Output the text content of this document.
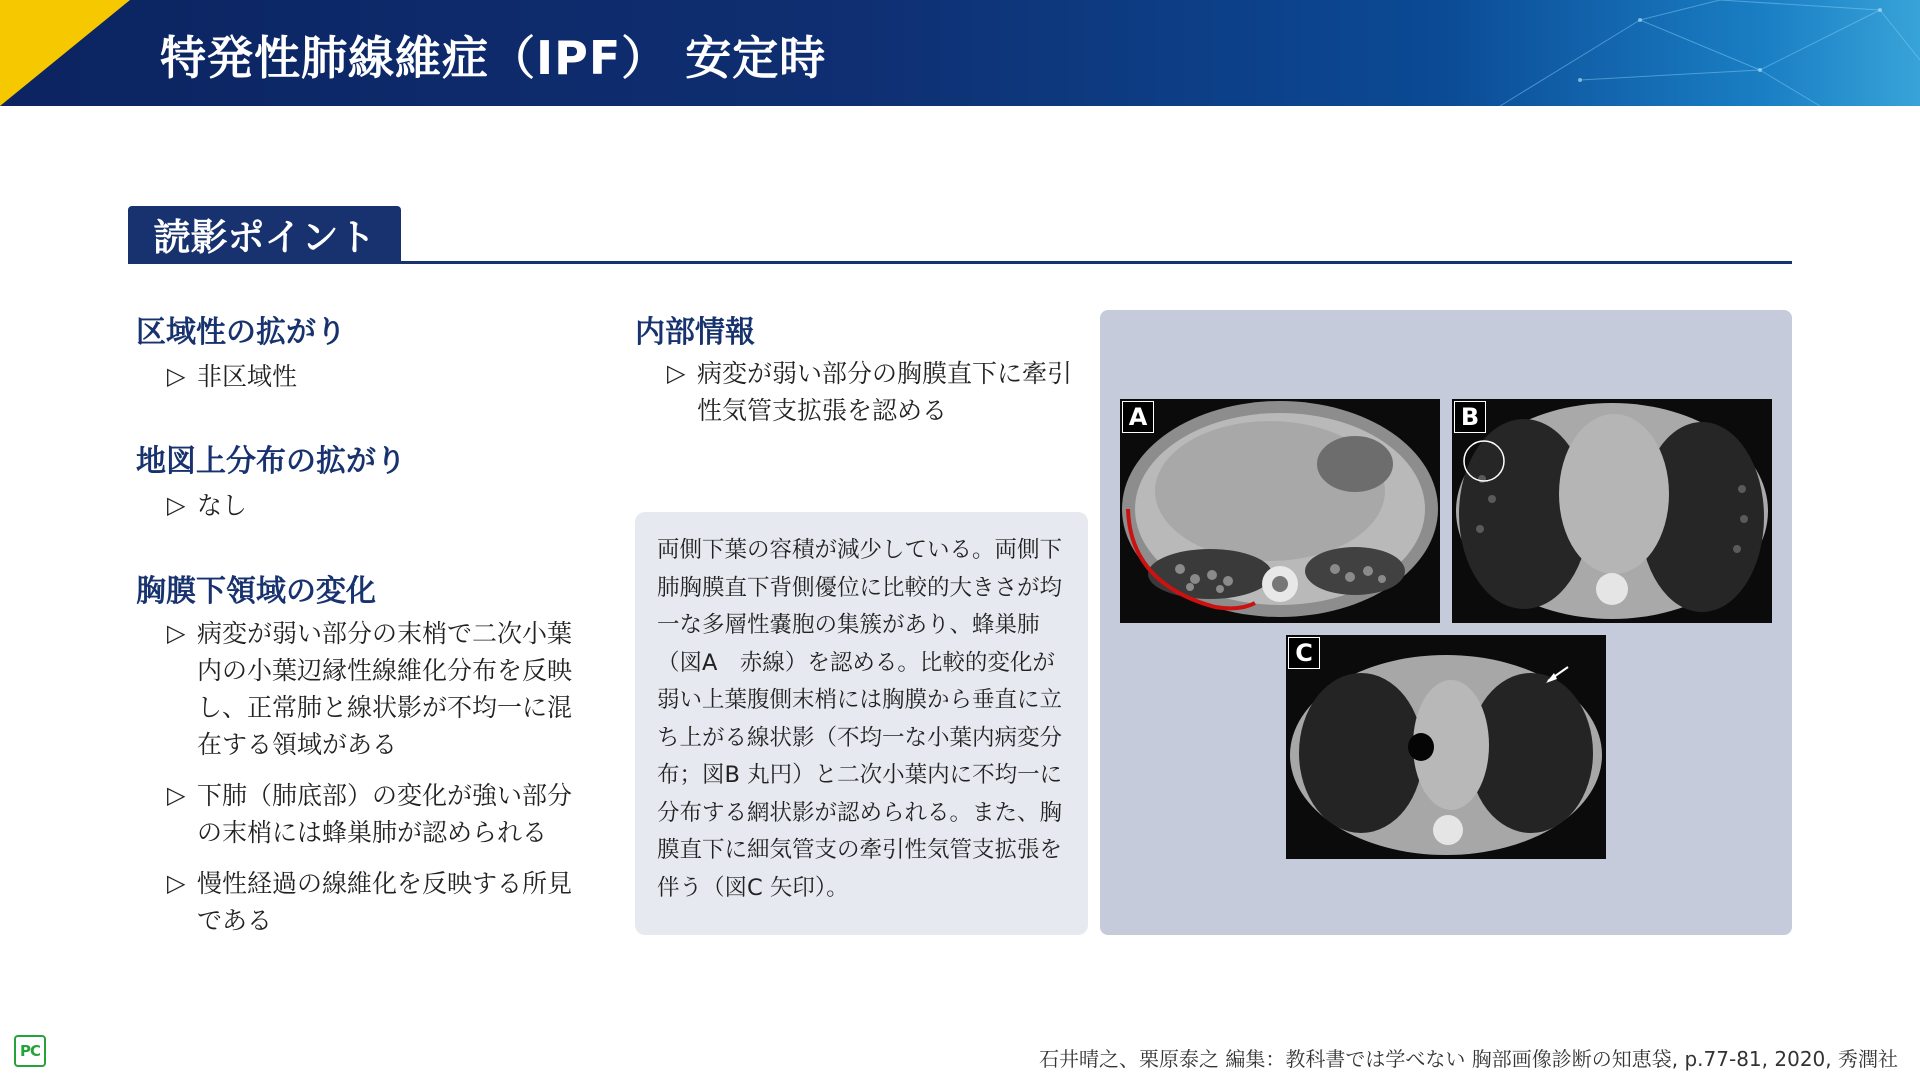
特発性肺線維症（IPF） 安定時
読影ポイント
区域性の拡がり
▷ 非区域性
地図上分布の拡がり
▷ なし
胸膜下領域の変化
▷ 病変が弱い部分の末梢で二次小葉内の小葉辺縁性線維化分布を反映し、正常肺と線状影が不均一に混在する領域がある
▷ 下肺（肺底部）の変化が強い部分の末梢には蜂巣肺が認められる
▷ 慢性経過の線維化を反映する所見である
内部情報
▷ 病変が弱い部分の胸膜直下に牽引性気管支拡張を認める
両側下葉の容積が減少している。両側下肺胸膜直下背側優位に比較的大きさが均一な多層性嚢胞の集簇があり、蜂巣肺（図A　赤線）を認める。比較的変化が弱い上葉腹側末梢には胸膜から垂直に立ち上がる線状影（不均一な小葉内病変分布；図B 丸円）と二次小葉内に不均一に分布する網状影が認められる。また、胸膜直下に細気管支の牽引性気管支拡張を伴う（図C 矢印）。
A	B
C
PC	石井晴之、栗原泰之 編集：教科書では学べない 胸部画像診断の知恵袋, p.77-81, 2020, 秀潤社
